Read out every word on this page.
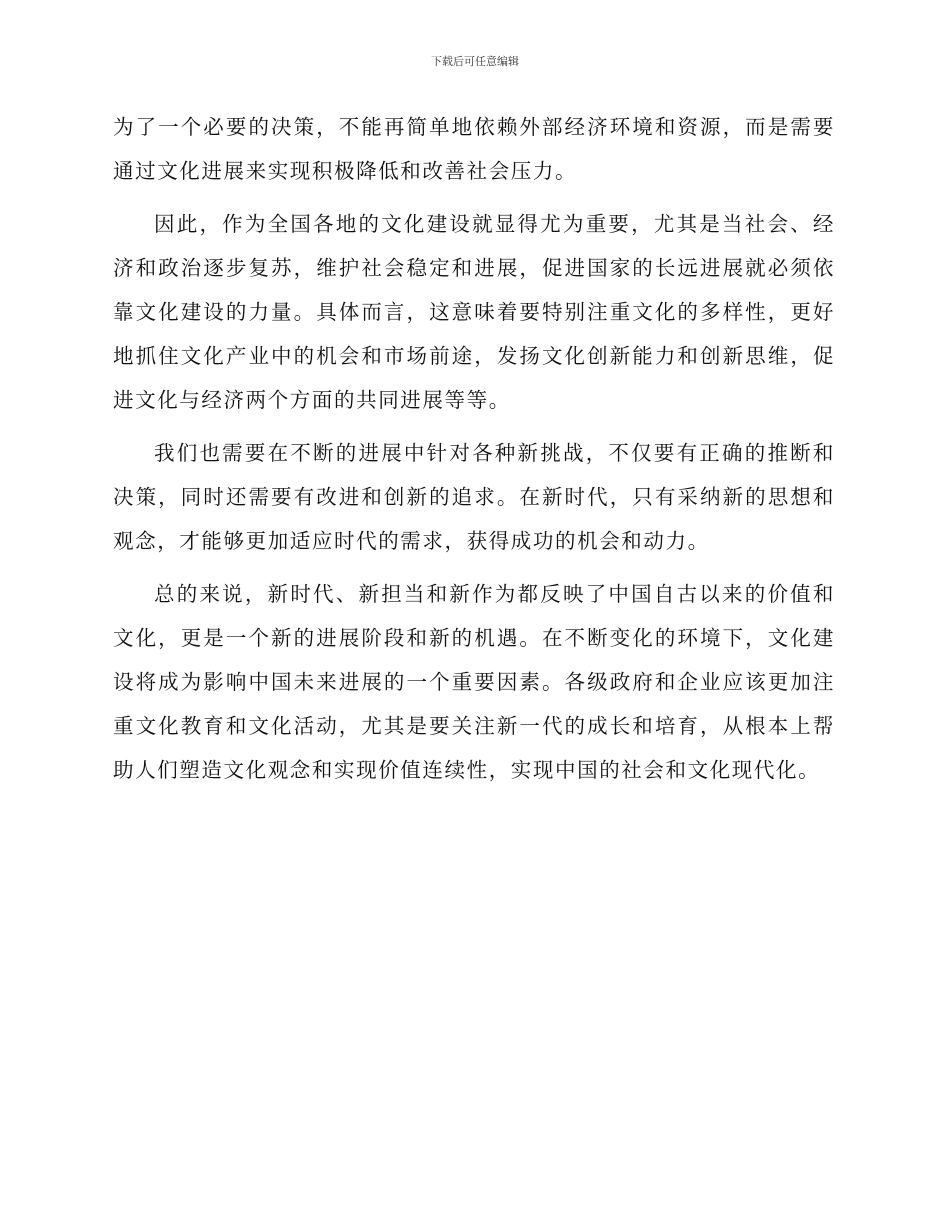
下载后可任意编辑

为了一个必要的决策，不能再简单地依赖外部经济环境和资源，而是需要通过文化进展来实现积极降低和改善社会压力。

因此，作为全国各地的文化建设就显得尤为重要，尤其是当社会、经济和政治逐步复苏，维护社会稳定和进展，促进国家的长远进展就必须依靠文化建设的力量。具体而言，这意味着要特别注重文化的多样性，更好地抓住文化产业中的机会和市场前途，发扬文化创新能力和创新思维，促进文化与经济两个方面的共同进展等等。

我们也需要在不断的进展中针对各种新挑战，不仅要有正确的推断和决策，同时还需要有改进和创新的追求。在新时代，只有采纳新的思想和观念，才能够更加适应时代的需求，获得成功的机会和动力。

总的来说，新时代、新担当和新作为都反映了中国自古以来的价值和文化，更是一个新的进展阶段和新的机遇。在不断变化的环境下，文化建设将成为影响中国未来进展的一个重要因素。各级政府和企业应该更加注重文化教育和文化活动，尤其是要关注新一代的成长和培育，从根本上帮助人们塑造文化观念和实现价值连续性，实现中国的社会和文化现代化。
